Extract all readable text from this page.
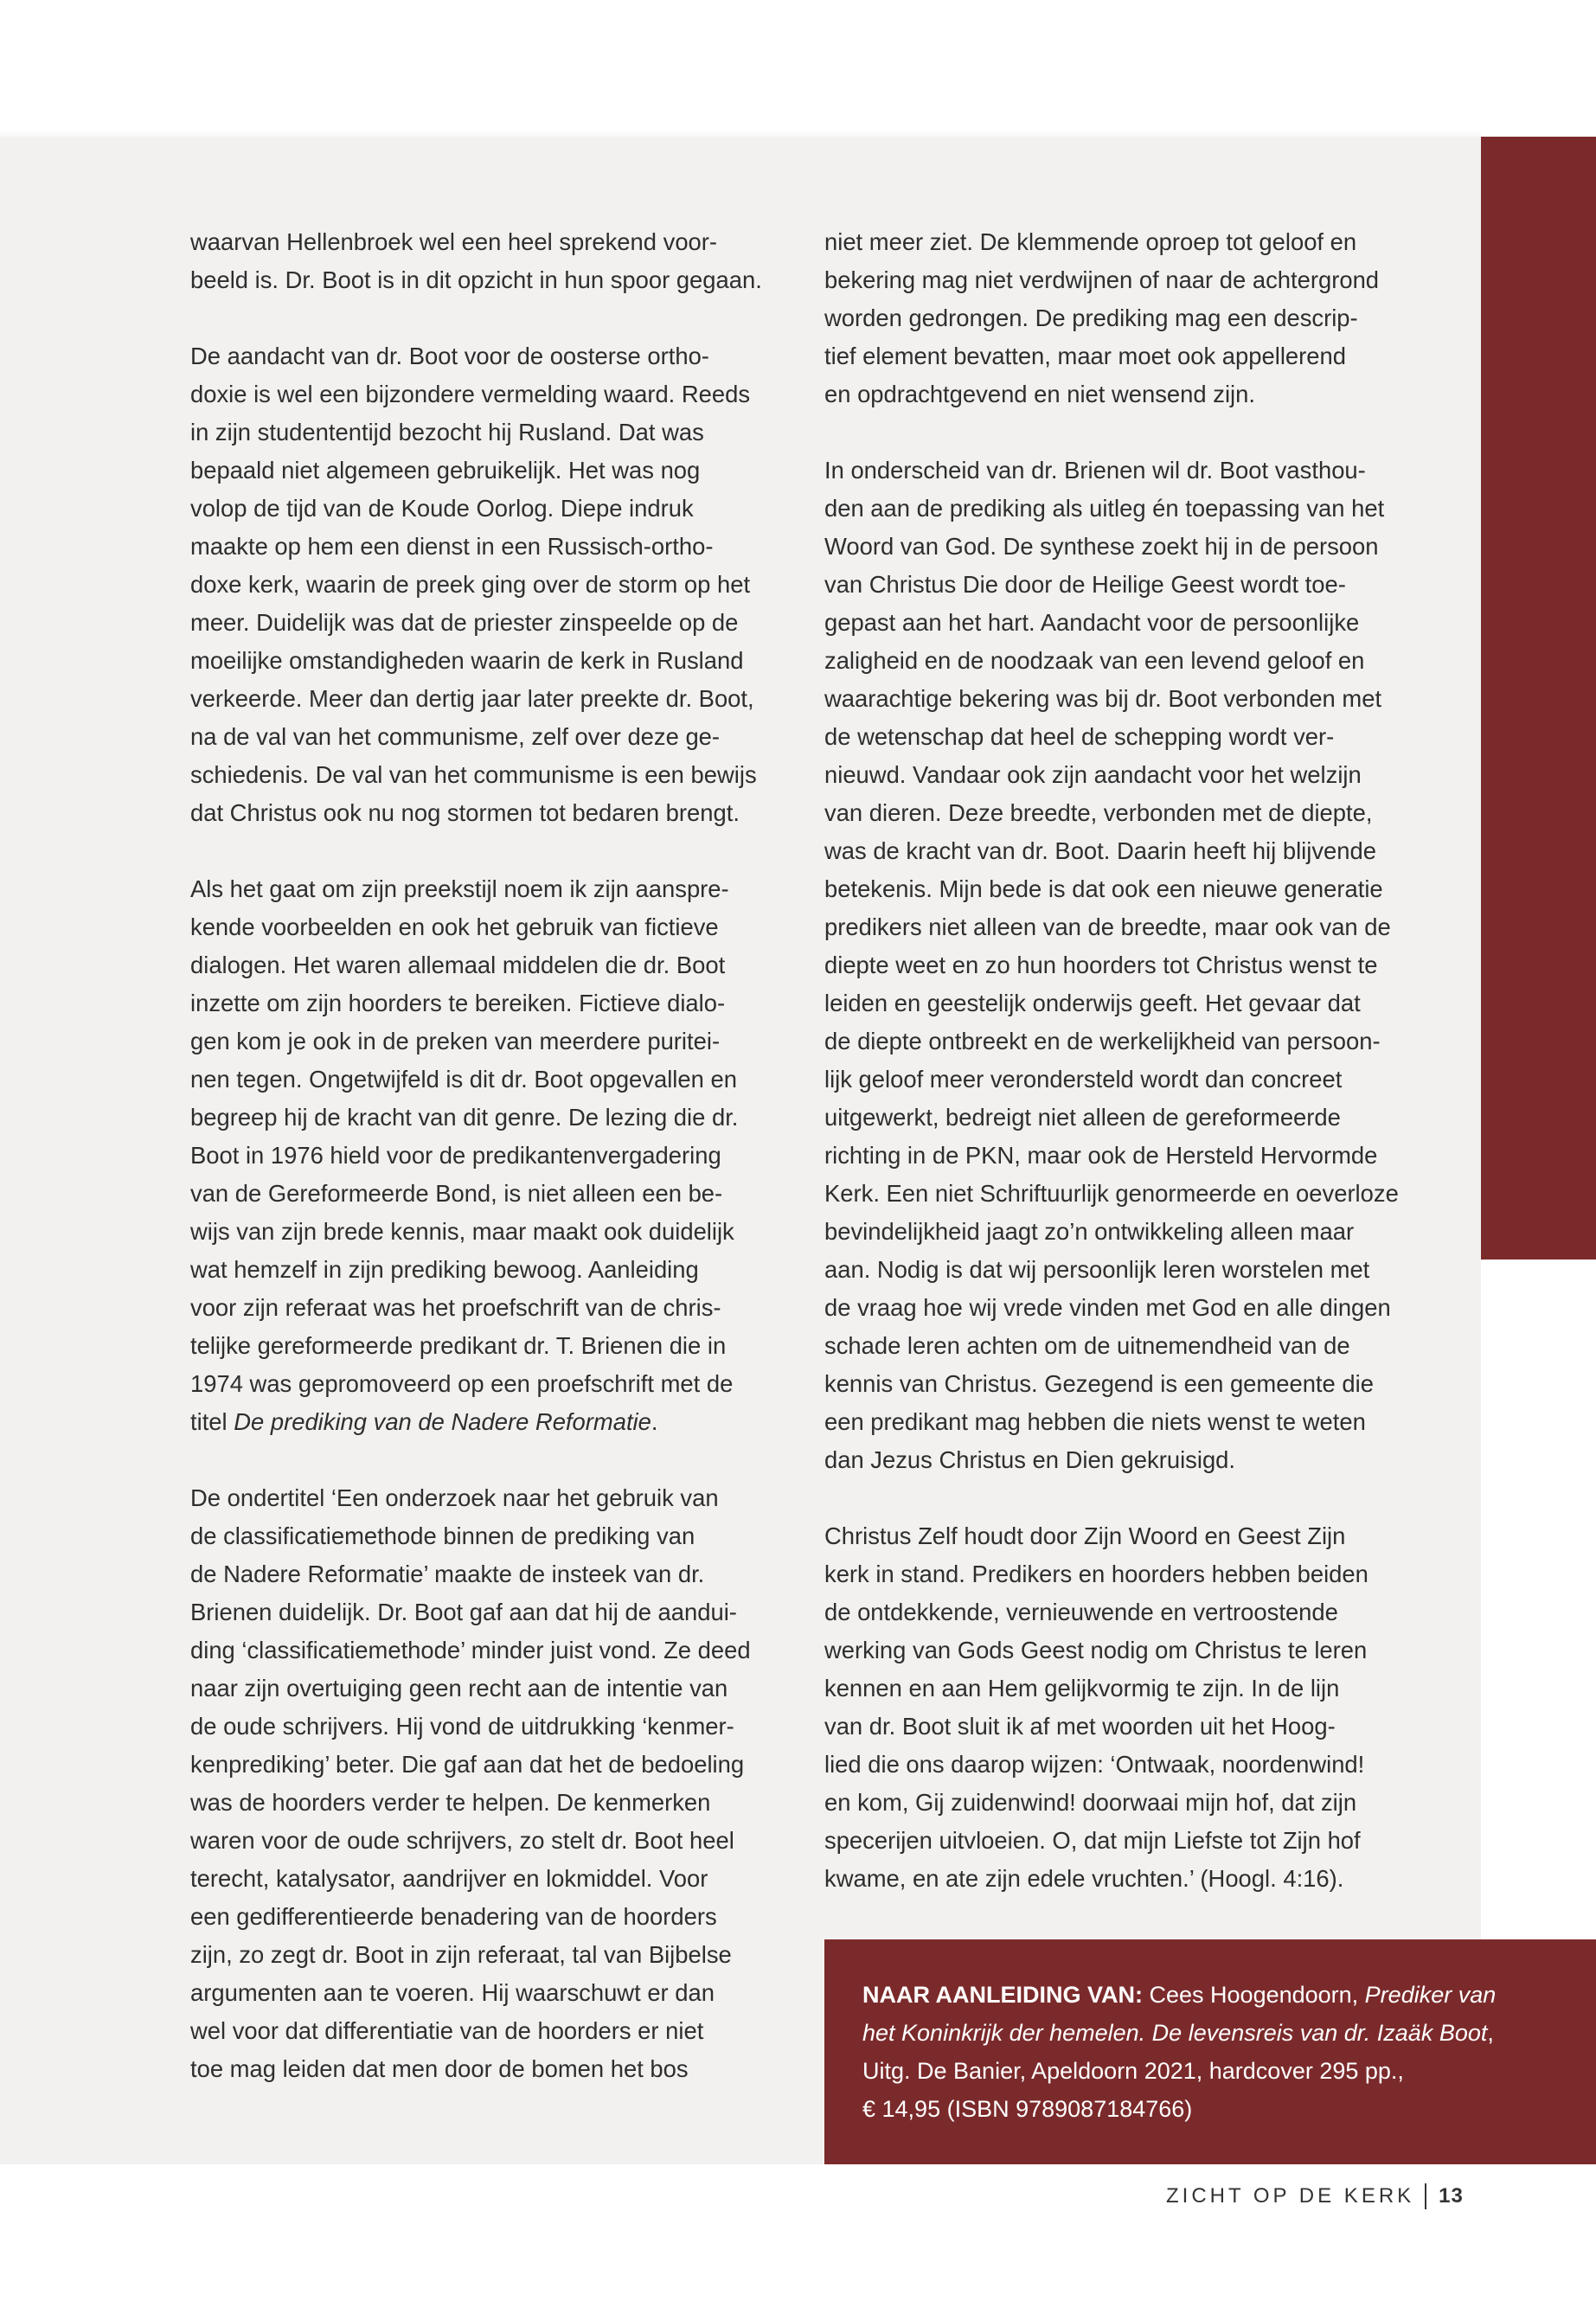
waarvan Hellenbroek wel een heel sprekend voor-
beeld is. Dr. Boot is in dit opzicht in hun spoor gegaan.

De aandacht van dr. Boot voor de oosterse ortho-
doxie is wel een bijzondere vermelding waard. Reeds
in zijn studententijd bezocht hij Rusland. Dat was
bepaald niet algemeen gebruikelijk. Het was nog
volop de tijd van de Koude Oorlog. Diepe indruk
maakte op hem een dienst in een Russisch-ortho-
doxe kerk, waarin de preek ging over de storm op het
meer. Duidelijk was dat de priester zinspeelde op de
moeilijke omstandigheden waarin de kerk in Rusland
verkeerde. Meer dan dertig jaar later preekte dr. Boot,
na de val van het communisme, zelf over deze ge-
schiedenis. De val van het communisme is een bewijs
dat Christus ook nu nog stormen tot bedaren brengt.

Als het gaat om zijn preekstijl noem ik zijn aanspre-
kende voorbeelden en ook het gebruik van fictieve
dialogen. Het waren allemaal middelen die dr. Boot
inzette om zijn hoorders te bereiken. Fictieve dialo-
gen kom je ook in de preken van meerdere puritei-
nen tegen. Ongetwijfeld is dit dr. Boot opgevallen en
begreep hij de kracht van dit genre. De lezing die dr.
Boot in 1976 hield voor de predikantenvergadering
van de Gereformeerde Bond, is niet alleen een be-
wijs van zijn brede kennis, maar maakt ook duidelijk
wat hemzelf in zijn prediking bewoog. Aanleiding
voor zijn referaat was het proefschrift van de chris-
telijke gereformeerde predikant dr. T. Brienen die in
1974 was gepromoveerd op een proefschrift met de
titel De prediking van de Nadere Reformatie.

De ondertitel ‘Een onderzoek naar het gebruik van
de classificatiemethode binnen de prediking van
de Nadere Reformatie’ maakte de insteek van dr.
Brienen duidelijk. Dr. Boot gaf aan dat hij de aandui-
ding ‘classificatiemethode’ minder juist vond. Ze deed
naar zijn overtuiging geen recht aan de intentie van
de oude schrijvers. Hij vond de uitdrukking ‘kenmer-
kenprediking’ beter. Die gaf aan dat het de bedoeling
was de hoorders verder te helpen. De kenmerken
waren voor de oude schrijvers, zo stelt dr. Boot heel
terecht, katalysator, aandrijver en lokmiddel. Voor
een gedifferentieerde benadering van de hoorders
zijn, zo zegt dr. Boot in zijn referaat, tal van Bijbelse
argumenten aan te voeren. Hij waarschuwt er dan
wel voor dat differentiatie van de hoorders er niet
toe mag leiden dat men door de bomen het bos

niet meer ziet. De klemmende oproep tot geloof en
bekering mag niet verdwijnen of naar de achtergrond
worden gedrongen. De prediking mag een descrip-
tief element bevatten, maar moet ook appellerend
en opdrachtgevend en niet wensend zijn.

In onderscheid van dr. Brienen wil dr. Boot vasthou-
den aan de prediking als uitleg én toepassing van het
Woord van God. De synthese zoekt hij in de persoon
van Christus Die door de Heilige Geest wordt toe-
gepast aan het hart. Aandacht voor de persoonlijke
zaligheid en de noodzaak van een levend geloof en
waarachtige bekering was bij dr. Boot verbonden met
de wetenschap dat heel de schepping wordt ver-
nieuwd. Vandaar ook zijn aandacht voor het welzijn
van dieren. Deze breedte, verbonden met de diepte,
was de kracht van dr. Boot. Daarin heeft hij blijvende
betekenis. Mijn bede is dat ook een nieuwe generatie
predikers niet alleen van de breedte, maar ook van de
diepte weet en zo hun hoorders tot Christus wenst te
leiden en geestelijk onderwijs geeft. Het gevaar dat
de diepte ontbreekt en de werkelijkheid van persoon-
lijk geloof meer verondersteld wordt dan concreet
uitgewerkt, bedreigt niet alleen de gereformeerde
richting in de PKN, maar ook de Hersteld Hervormde
Kerk. Een niet Schriftuurlijk genormeerde en oeverloze
bevindelijkheid jaagt zo’n ontwikkeling alleen maar
aan. Nodig is dat wij persoonlijk leren worstelen met
de vraag hoe wij vrede vinden met God en alle dingen
schade leren achten om de uitnemendheid van de
kennis van Christus. Gezegend is een gemeente die
een predikant mag hebben die niets wenst te weten
dan Jezus Christus en Dien gekruisigd.

Christus Zelf houdt door Zijn Woord en Geest Zijn
kerk in stand. Predikers en hoorders hebben beiden
de ontdekkende, vernieuwende en vertroostende
werking van Gods Geest nodig om Christus te leren
kennen en aan Hem gelijkvormig te zijn. In de lijn
van dr. Boot sluit ik af met woorden uit het Hoog-
lied die ons daarop wijzen: ‘Ontwaak, noordenwind!
en kom, Gij zuidenwind! doorwaai mijn hof, dat zijn
specerijen uitvloeien. O, dat mijn Liefste tot Zijn hof
kwame, en ate zijn edele vruchten.’ (Hoogl. 4:16).

NAAR AANLEIDING VAN: Cees Hoogendoorn, Prediker van
het Koninkrijk der hemelen. De levensreis van dr. Izaäk Boot,
Uitg. De Banier, Apeldoorn 2021, hardcover 295 pp.,
€ 14,95 (ISBN 9789087184766)
ZICHT OP DE KERK 13
